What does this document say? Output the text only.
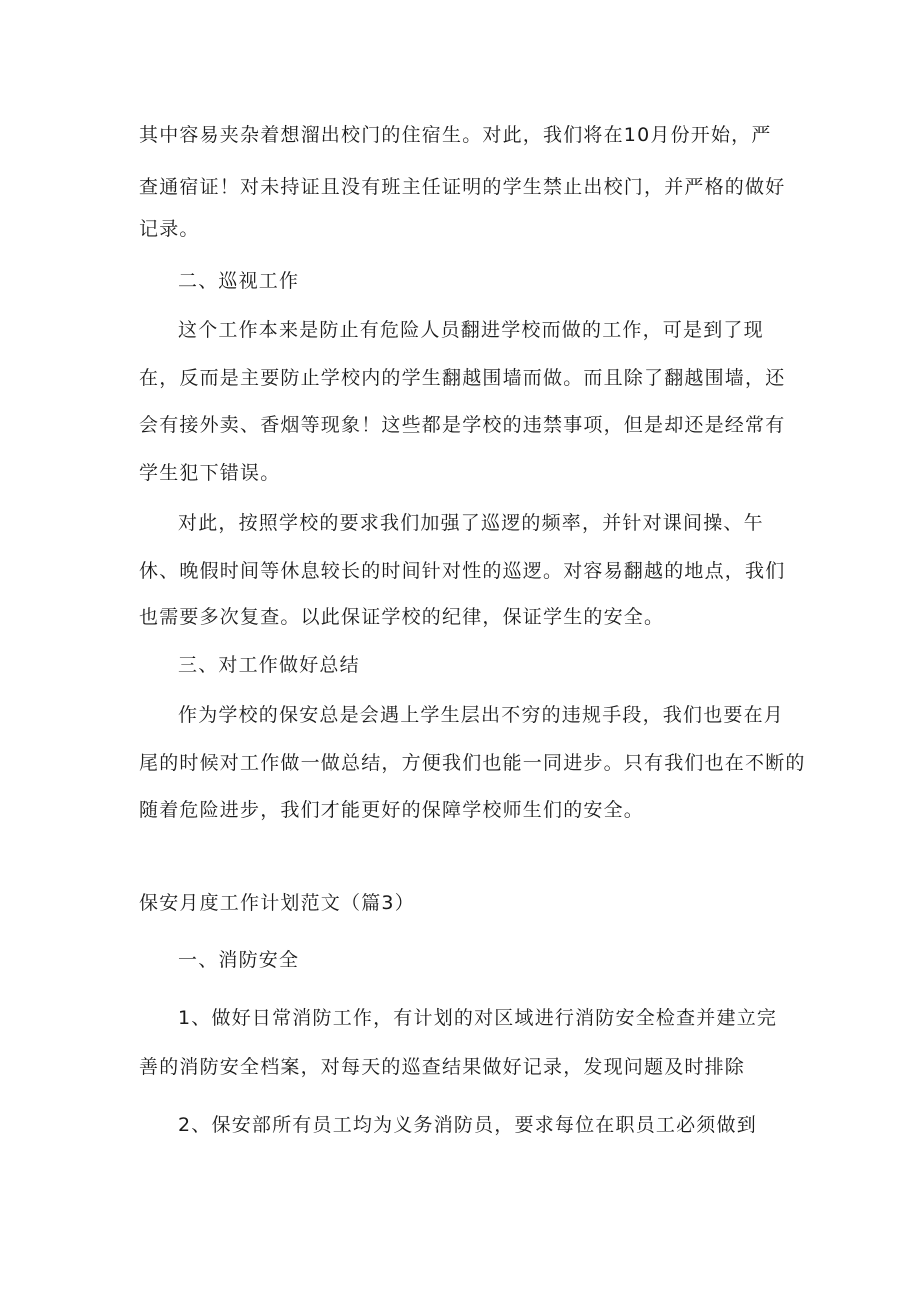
其中容易夹杂着想溜出校门的住宿生。对此，我们将在10月份开始，严
查通宿证！对未持证且没有班主任证明的学生禁止出校门，并严格的做好
记录。
二、巡视工作
这个工作本来是防止有危险人员翻进学校而做的工作，可是到了现
在，反而是主要防止学校内的学生翻越围墙而做。而且除了翻越围墙，还
会有接外卖、香烟等现象！这些都是学校的违禁事项，但是却还是经常有
学生犯下错误。
对此，按照学校的要求我们加强了巡逻的频率，并针对课间操、午
休、晚假时间等休息较长的时间针对性的巡逻。对容易翻越的地点，我们
也需要多次复查。以此保证学校的纪律，保证学生的安全。
三、对工作做好总结
作为学校的保安总是会遇上学生层出不穷的违规手段，我们也要在月
尾的时候对工作做一做总结，方便我们也能一同进步。只有我们也在不断的
随着危险进步，我们才能更好的保障学校师生们的安全。
保安月度工作计划范文（篇3）
一、消防安全
1、做好日常消防工作，有计划的对区域进行消防安全检查并建立完
善的消防安全档案，对每天的巡查结果做好记录，发现问题及时排除
2、保安部所有员工均为义务消防员，要求每位在职员工必须做到
